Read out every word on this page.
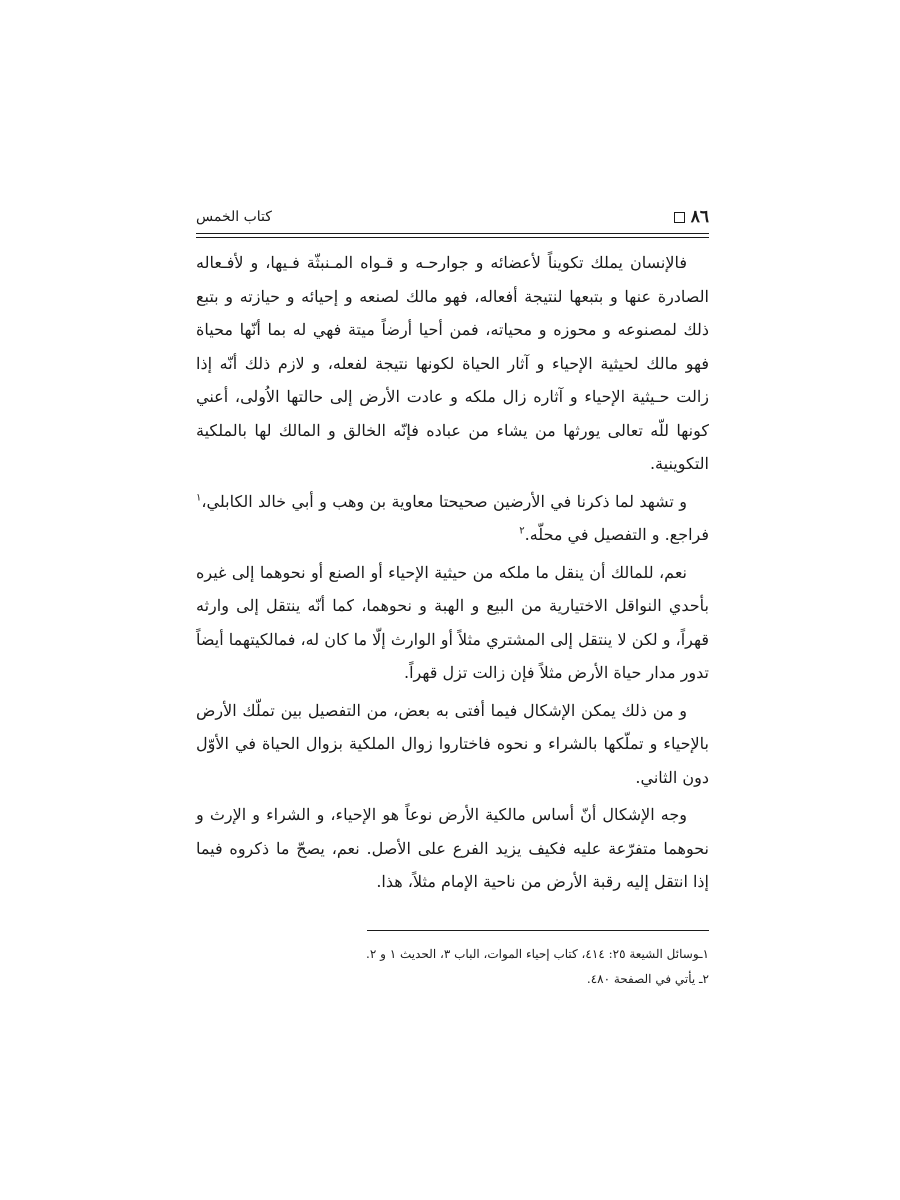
٨٦
كتاب الخمس

فالإنسان يملك تكويناً لأعضائه و جوارحـه و قـواه المـنبثّة فـيها، و لأفـعاله الصادرة عنها و بتبعها لنتيجة أفعاله، فهو مالك لصنعه و إحيائه و حيازته و بتبع ذلك لمصنوعه و محوزه و محياته، فمن أحيا أرضاً ميتة فهي له بما أنّها محياة فهو مالك لحيثية الإحياء و آثار الحياة لكونها نتيجة لفعله، و لازم ذلك أنّه إذا زالت حـيثية الإحياء و آثاره زال ملكه و عادت الأرض إلى حالتها الاُولى، أعني كونها للّه تعالى يورثها من يشاء من عباده فإنّه الخالق و المالك لها بالملكية التكوينية.

و تشهد لما ذكرنا في الأرضين صحيحتا معاوية بن وهب و أبي خالد الكابلي،$^١$ فراجع. و التفصيل في محلّه.$^٢$

نعم، للمالك أن ينقل ما ملكه من حيثية الإحياء أو الصنع أو نحوهما إلى غيره بأحدي النواقل الاختيارية من البيع و الهبة و نحوهما، كما أنّه ينتقل إلى وارثه قهراً، و لكن لا ينتقل إلى المشتري مثلاً أو الوارث إلّا ما كان له، فمالكيتهما أيضاً تدور مدار حياة الأرض مثلاً فإن زالت تزل قهراً.

و من ذلك يمكن الإشكال فيما أفتى به بعض، من التفصيل بين تملّك الأرض بالإحياء و تملّكها بالشراء و نحوه فاختاروا زوال الملكية بزوال الحياة في الأوّل دون الثاني.

وجه الإشكال أنّ أساس مالكية الأرض نوعاً هو الإحياء، و الشراء و الإرث و نحوهما متفرّعة عليه فكيف يزيد الفرع على الأصل. نعم، يصحّ ما ذكروه فيما إذا انتقل إليه رقبة الأرض من ناحية الإمام مثلاً، هذا.

١ـوسائل الشيعة ٢٥: ٤١٤، كتاب إحياء الموات، الباب ٣، الحديث ١ و ٢.

٢ـ يأتي في الصفحة ٤٨٠.
